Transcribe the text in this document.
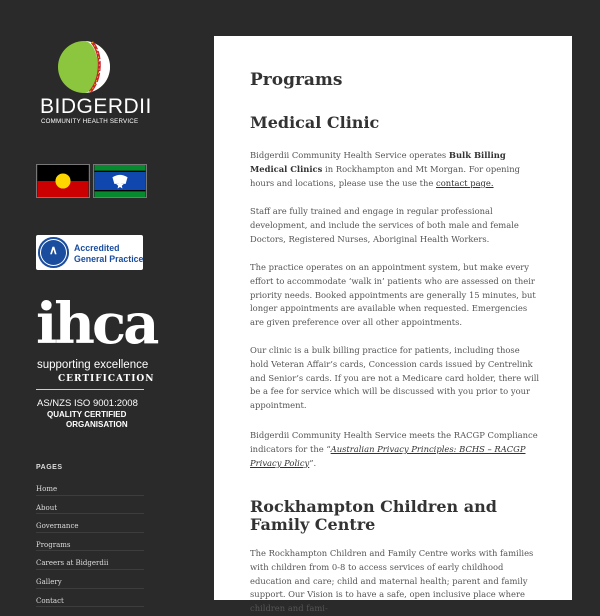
BIDGERDII
COMMUNITY HEALTH SERVICE
∧ Accredited
General Practice
ihca
supporting excellence
CERTIFICATION
AS/NZS ISO 9001:2008
QUALITY CERTIFIED
ORGANISATION
PAGES
Home
About
Governance
Programs
Careers at Bidgerdii
Gallery
Contact
Programs
Medical Clinic

Bidgerdii Community Health Service operates Bulk Billing Medical Clinics in Rockhampton and Mt Morgan. For opening hours and locations, please use the use the contact page.

Staff are fully trained and engage in regular professional development, and include the services of both male and female Doctors, Registered Nurses, Aboriginal Health Workers.

The practice operates on an appointment system, but make every effort to accommodate ‘walk in’ patients who are assessed on their priority needs. Booked appointments are generally 15 minutes, but longer appointments are available when requested. Emergencies are given preference over all other appointments.

Our clinic is a bulk billing practice for patients, including those hold Veteran Affair’s cards, Concession cards issued by Centrelink and Senior’s cards. If you are not a Medicare card holder, there will be a fee for service which will be discussed with you prior to your appointment.

Bidgerdii Community Health Service meets the RACGP Compliance indicators for the “Australian Privacy Principles: BCHS – RACGP Privacy Policy”.

Rockhampton Children and Family Centre

The Rockhampton Children and Family Centre works with families with children from 0-8 to access services of early childhood education and care; child and maternal health; parent and family support. Our Vision is to have a safe, open inclusive place where children and fami-
